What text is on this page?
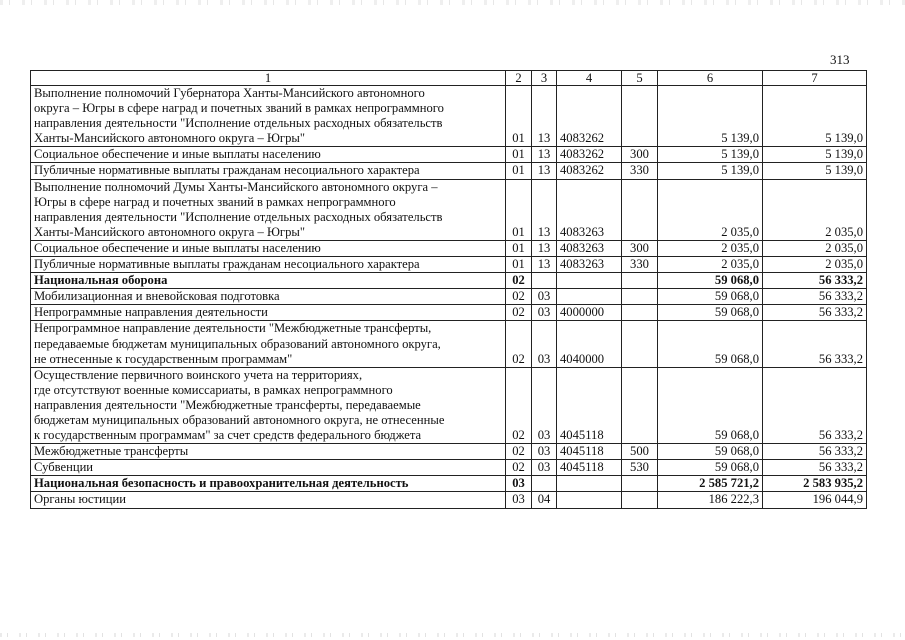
313
1	2	3	4	5	6	7
Выполнение полномочий Губернатора Ханты-Мансийского автономного
округа – Югры в сфере наград и почетных званий в рамках непрограммного
направления деятельности "Исполнение отдельных расходных обязательств
Ханты-Мансийского автономного округа – Югры"	01	13	4083262		5 139,0	5 139,0
Социальное обеспечение и иные выплаты населению	01	13	4083262	300	5 139,0	5 139,0
Публичные нормативные выплаты гражданам несоциального характера	01	13	4083262	330	5 139,0	5 139,0
Выполнение полномочий Думы Ханты-Мансийского автономного округа –
Югры в сфере наград и почетных званий в рамках непрограммного
направления деятельности "Исполнение отдельных расходных обязательств
Ханты-Мансийского автономного округа – Югры"	01	13	4083263		2 035,0	2 035,0
Социальное обеспечение и иные выплаты населению	01	13	4083263	300	2 035,0	2 035,0
Публичные нормативные выплаты гражданам несоциального характера	01	13	4083263	330	2 035,0	2 035,0
Национальная оборона	02				59 068,0	56 333,2
Мобилизационная и вневойсковая подготовка	02	03			59 068,0	56 333,2
Непрограммные направления деятельности	02	03	4000000		59 068,0	56 333,2
Непрограммное направление деятельности "Межбюджетные трансферты,
передаваемые бюджетам муниципальных образований автономного округа,
не отнесенные к государственным программам"	02	03	4040000		59 068,0	56 333,2
Осуществление первичного воинского учета на территориях,
где отсутствуют военные комиссариаты, в рамках непрограммного
направления деятельности "Межбюджетные трансферты, передаваемые
бюджетам муниципальных образований автономного округа, не отнесенные
к государственным программам" за счет средств федерального бюджета	02	03	4045118		59 068,0	56 333,2
Межбюджетные трансферты	02	03	4045118	500	59 068,0	56 333,2
Субвенции	02	03	4045118	530	59 068,0	56 333,2
Национальная безопасность и правоохранительная деятельность	03				2 585 721,2	2 583 935,2
Органы юстиции	03	04			186 222,3	196 044,9
